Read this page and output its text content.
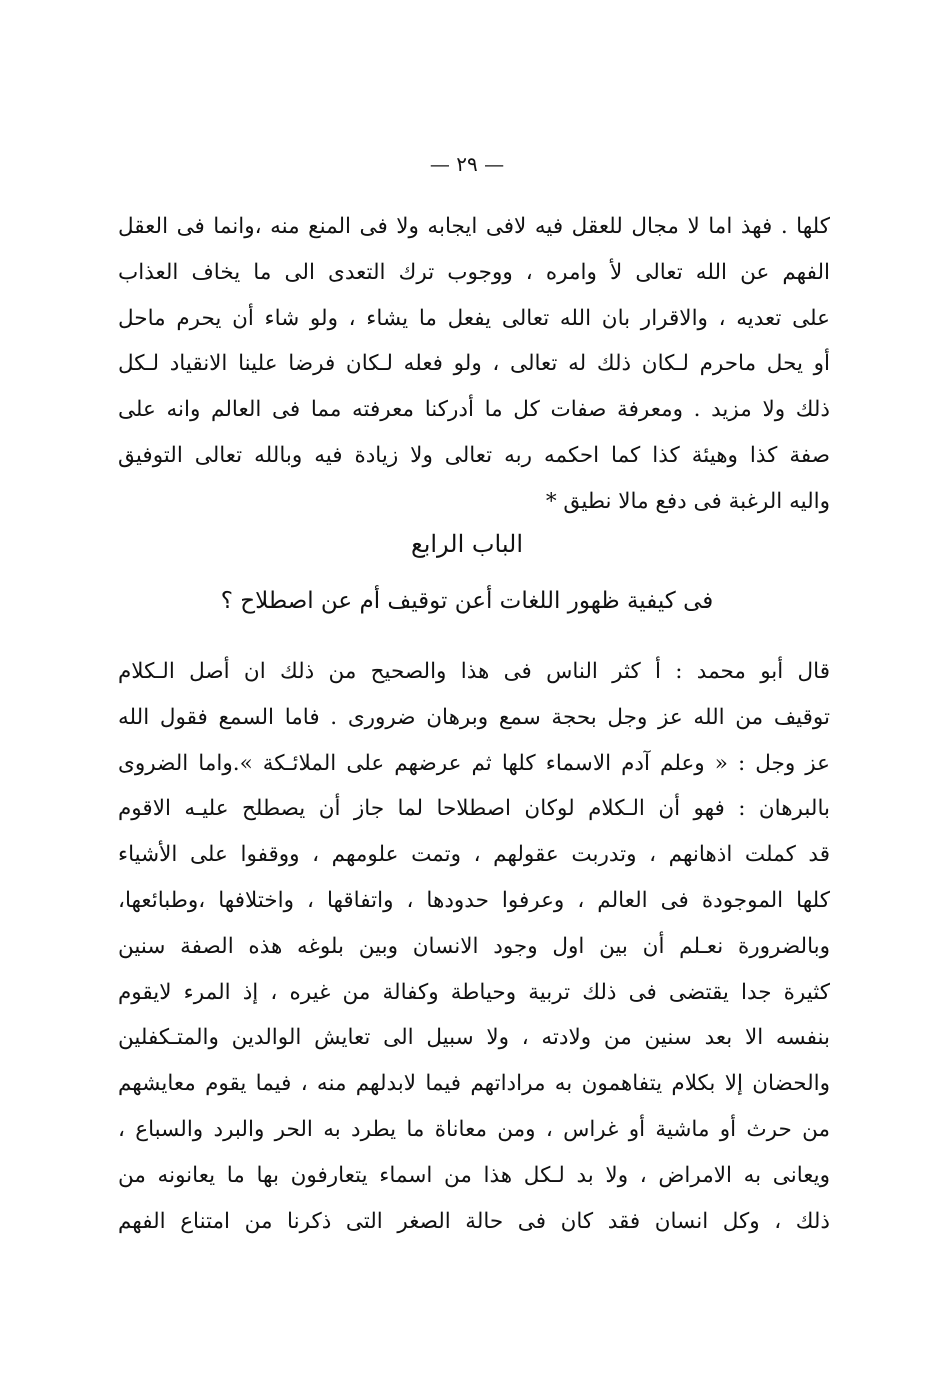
— ٢٩ —
كلها . فهذ اما لا مجال للعقل فيه لافى ايجابه ولا فى المنع منه ،وانما فى العقل
الفهم عن الله تعالى لأ وامره ، ووجوب ترك التعدى الى ما يخاف العذاب
على تعديه ، والاقرار بان الله تعالى يفعل ما يشاء ، ولو شاء أن يحرم ماحل
أو يحل ماحرم لـكان ذلك له تعالى ، ولو فعله لـكان فرضا علينا الانقياد لـكل
ذلك ولا مزيد . ومعرفة صفات كل ما أدركنا معرفته مما فى العالم وانه على
صفة كذا وهيئة كذا كما احكمه ربه تعالى ولا زيادة فيه وبالله تعالى التوفيق
واليه الرغبة فى دفع مالا نطيق *
الباب الرابع
فى كيفية ظهور اللغات أعن توقيف أم عن اصطلاح ؟
قال أبو محمد : أ كثر الناس فى هذا والصحيح من ذلك ان أصل الـكلام
توقيف من الله عز وجل بحجة سمع وبرهان ضرورى . فاما السمع فقول الله
عز وجل : « وعلم آدم الاسماء كلها ثم عرضهم على الملائـكة ».واما الضروى
بالبرهان : فهو أن الـكلام لوكان اصطلاحا لما جاز أن يصطلح عليـه الاقوم
قد كملت اذهانهم ، وتدربت عقولهم ، وتمت علومهم ، ووقفوا على الأشياء
كلها الموجودة فى العالم ، وعرفوا حدودها ، واتفاقها ، واختلافها ،وطبائعها،
وبالضرورة نعـلم أن بين اول وجود الانسان وبين بلوغه هذه الصفة سنين
كثيرة جدا يقتضى فى ذلك تربية وحياطة وكفالة من غيره ، إذ المرء لايقوم
بنفسه الا بعد سنين من ولادته ، ولا سبيل الى تعايش الوالدين والمتـكفلين
والحضان إلا بكلام يتفاهمون به مراداتهم فيما لابدلهم منه ، فيما يقوم معايشهم
من حرث أو ماشية أو غراس ، ومن معاناة ما يطرد به الحر والبرد والسباع ،
ويعانى به الامراض ، ولا بد لـكل هذا من اسماء يتعارفون بها ما يعانونه من
ذلك ، وكل انسان فقد كان فى حالة الصغر التى ذكرنا من امتناع الفهم
